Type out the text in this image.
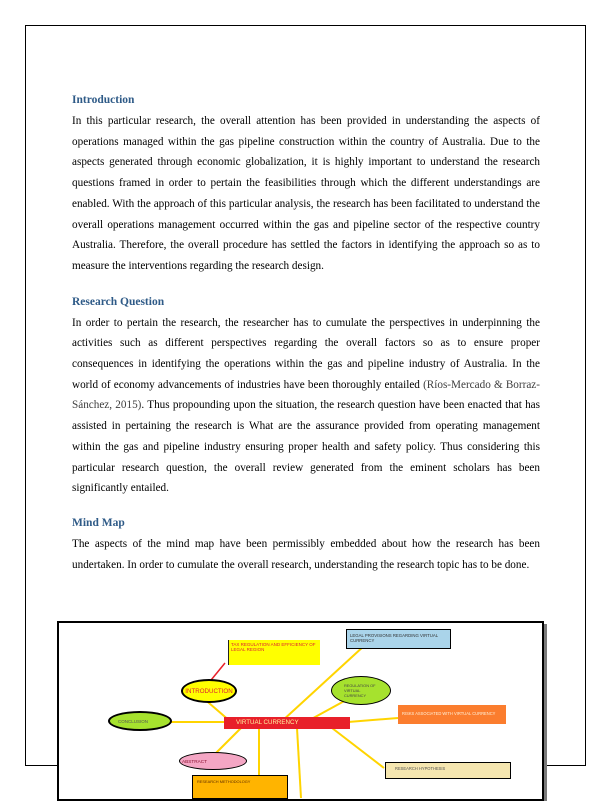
Introduction

In this particular research, the overall attention has been provided in understanding the aspects of operations managed within the gas pipeline construction within the country of Australia. Due to the aspects generated through economic globalization, it is highly important to understand the research questions framed in order to pertain the feasibilities through which the different understandings are enabled. With the approach of this particular analysis, the research has been facilitated to understand the overall operations management occurred within the gas and pipeline sector of the respective country Australia. Therefore, the overall procedure has settled the factors in identifying the approach so as to measure the interventions regarding the research design.

Research Question

In order to pertain the research, the researcher has to cumulate the perspectives in underpinning the activities such as different perspectives regarding the overall factors so as to ensure proper consequences in identifying the operations within the gas and pipeline industry of Australia. In the world of economy advancements of industries have been thoroughly entailed (Ríos-Mercado & Borraz-Sánchez, 2015). Thus propounding upon the situation, the research question have been enacted that has assisted in pertaining the research is What are the assurance provided from operating management within the gas and pipeline industry ensuring proper health and safety policy. Thus considering this particular research question, the overall review generated from the eminent scholars has been significantly entailed.

Mind Map

The aspects of the mind map have been permissibly embedded about how the research has been undertaken. In order to cumulate the overall research, understanding the research topic has to be done.

TAX REGULATION AND EFFICIENCY OF LEGAL REGION
LEGAL PROVISIONS REGARDING VIRTUAL CURRENCY
INTRODUCTION
REGULATION OF VIRTUAL CURRENCY
CONCLUSION	VIRTUAL CURRENCY
RISKS ASSOCIATED WITH VIRTUAL CURRENCY
ABSTRACT
RESEARCH HYPOTHESIS
RESEARCH METHODOLOGY
